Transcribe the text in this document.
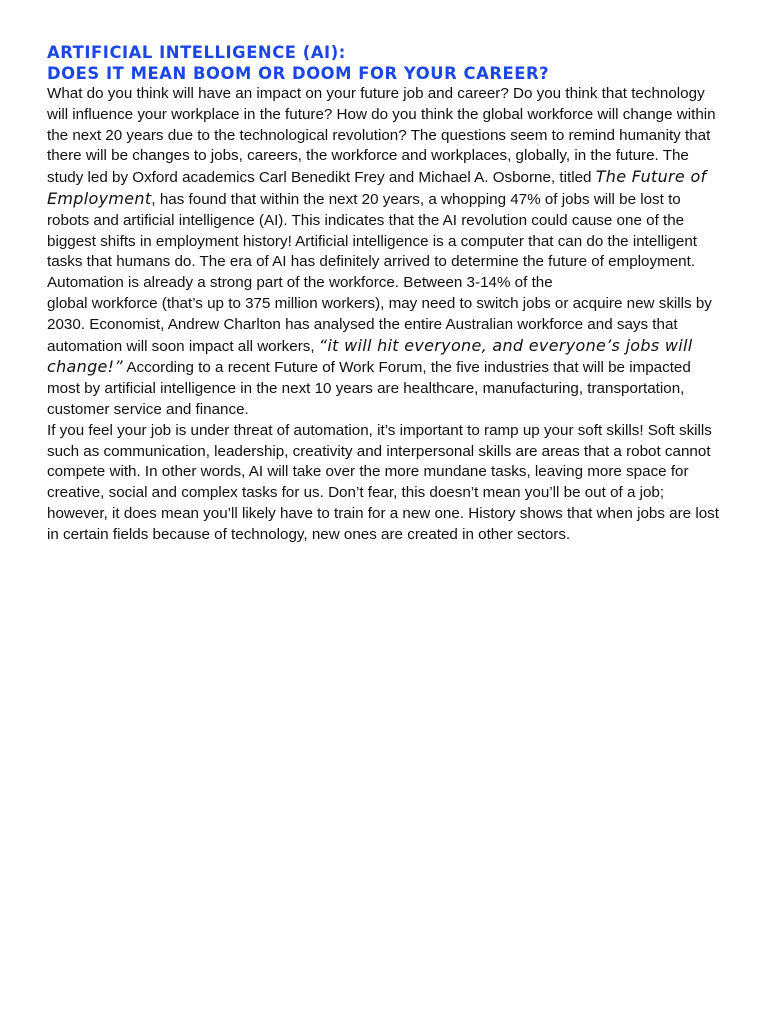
ARTIFICIAL INTELLIGENCE (AI):
DOES IT MEAN BOOM OR DOOM FOR YOUR CAREER?

What do you think will have an impact on your future job and career? Do you think that technology will influence your workplace in the future? How do you think the global workforce will change within the next 20 years due to the technological revolution? The questions seem to remind humanity that there will be changes to jobs, careers, the workforce and workplaces, globally, in the future. The study led by Oxford academics Carl Benedikt Frey and Michael A. Osborne, titled The Future of Employment, has found that within the next 20 years, a whopping 47% of jobs will be lost to robots and artificial intelligence (AI). This indicates that the AI revolution could cause one of the biggest shifts in employment history! Artificial intelligence is a computer that can do the intelligent tasks that humans do. The era of AI has definitely arrived to determine the future of employment. Automation is already a strong part of the workforce. Between 3-14% of the

global workforce (that’s up to 375 million workers), may need to switch jobs or acquire new skills by 2030. Economist, Andrew Charlton has analysed the entire Australian workforce and says that automation will soon impact all workers, “it will hit everyone, and everyone’s jobs will change!” According to a recent Future of Work Forum, the five industries that will be impacted most by artificial intelligence in the next 10 years are healthcare, manufacturing, transportation, customer service and finance.

If you feel your job is under threat of automation, it’s important to ramp up your soft skills! Soft skills such as communication, leadership, creativity and interpersonal skills are areas that a robot cannot compete with. In other words, AI will take over the more mundane tasks, leaving more space for creative, social and complex tasks for us. Don’t fear, this doesn’t mean you’ll be out of a job; however, it does mean you’ll likely have to train for a new one. History shows that when jobs are lost in certain fields because of technology, new ones are created in other sectors.
